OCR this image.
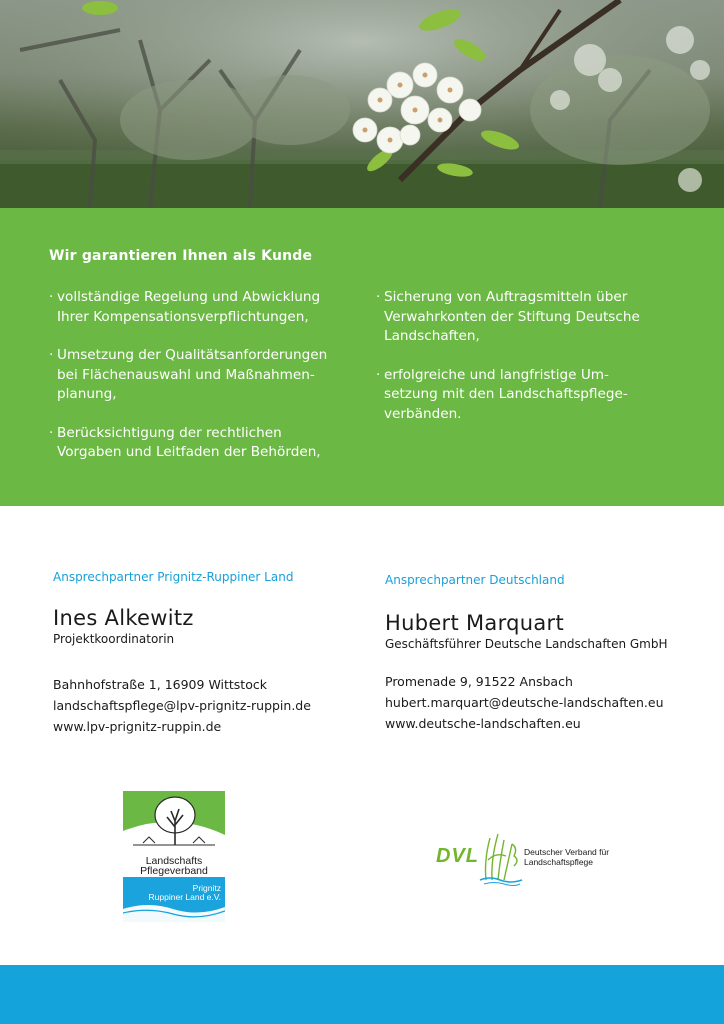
Wir garantieren Ihnen als Kunde
· vollständige Regelung und Abwicklung
Ihrer Kompensationsverpflichtungen,
· Umsetzung der Qualitätsanforderungen
bei Flächenauswahl und Maßnahmen-
planung,
· Berücksichtigung der rechtlichen
Vorgaben und Leitfaden der Behörden,
· Sicherung von Auftragsmitteln über
Verwahrkonten der Stiftung Deutsche
Landschaften,
· erfolgreiche und langfristige Um-
setzung mit den Landschaftspflege-
verbänden.

Ansprechpartner Prignitz-Ruppiner Land

Ines Alkewitz

Projektkoordinatorin

Bahnhofstraße 1, 16909 Wittstock
landschaftspflege@lpv-prignitz-ruppin.de
www.lpv-prignitz-ruppin.de

Ansprechpartner Deutschland

Hubert Marquart

Geschäftsführer Deutsche Landschaften GmbH

Promenade 9, 91522 Ansbach
hubert.marquart@deutsche-landschaften.eu
www.deutsche-landschaften.eu
Landschafts
Pflegeverband
Prignitz
Ruppiner Land e.V.
DVL	Deutscher Verband für
Landschaftspflege
